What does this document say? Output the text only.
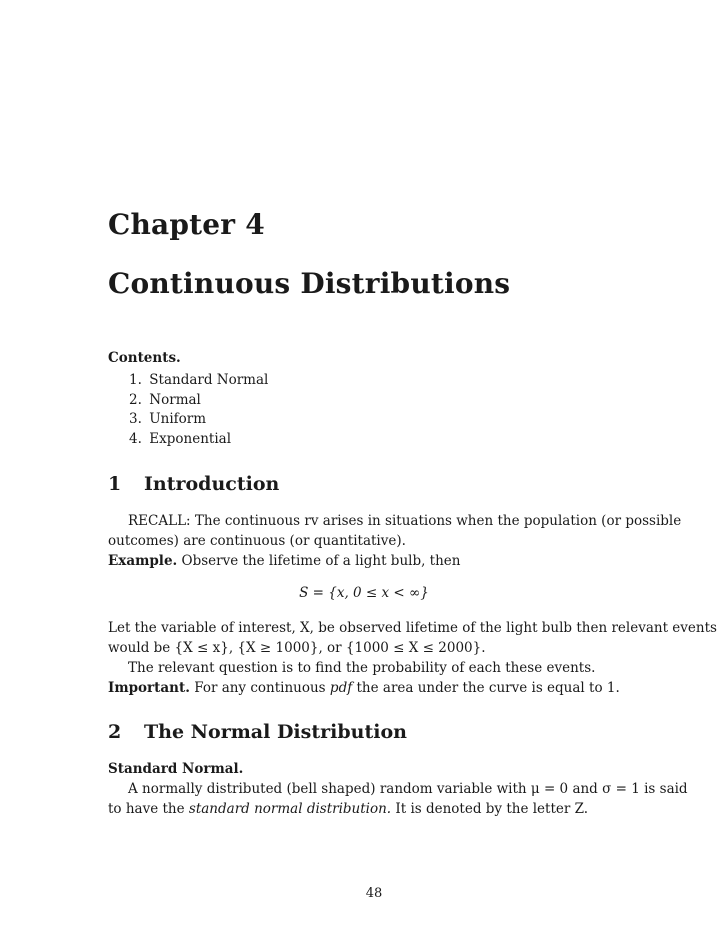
Chapter 4
Continuous Distributions
Contents.
1. Standard Normal
2. Normal
3. Uniform
4. Exponential
1 Introduction
RECALL: The continuous rv arises in situations when the population (or possible
outcomes) are continuous (or quantitative).
Example. Observe the lifetime of a light bulb, then
S = {x, 0 ≤ x < ∞}
Let the variable of interest, X, be observed lifetime of the light bulb then relevant events
would be {X ≤ x}, {X ≥ 1000}, or {1000 ≤ X ≤ 2000}.
The relevant question is to find the probability of each these events.
Important. For any continuous pdf the area under the curve is equal to 1.
2 The Normal Distribution
Standard Normal.
A normally distributed (bell shaped) random variable with μ = 0 and σ = 1 is said
to have the standard normal distribution. It is denoted by the letter Z.
48
